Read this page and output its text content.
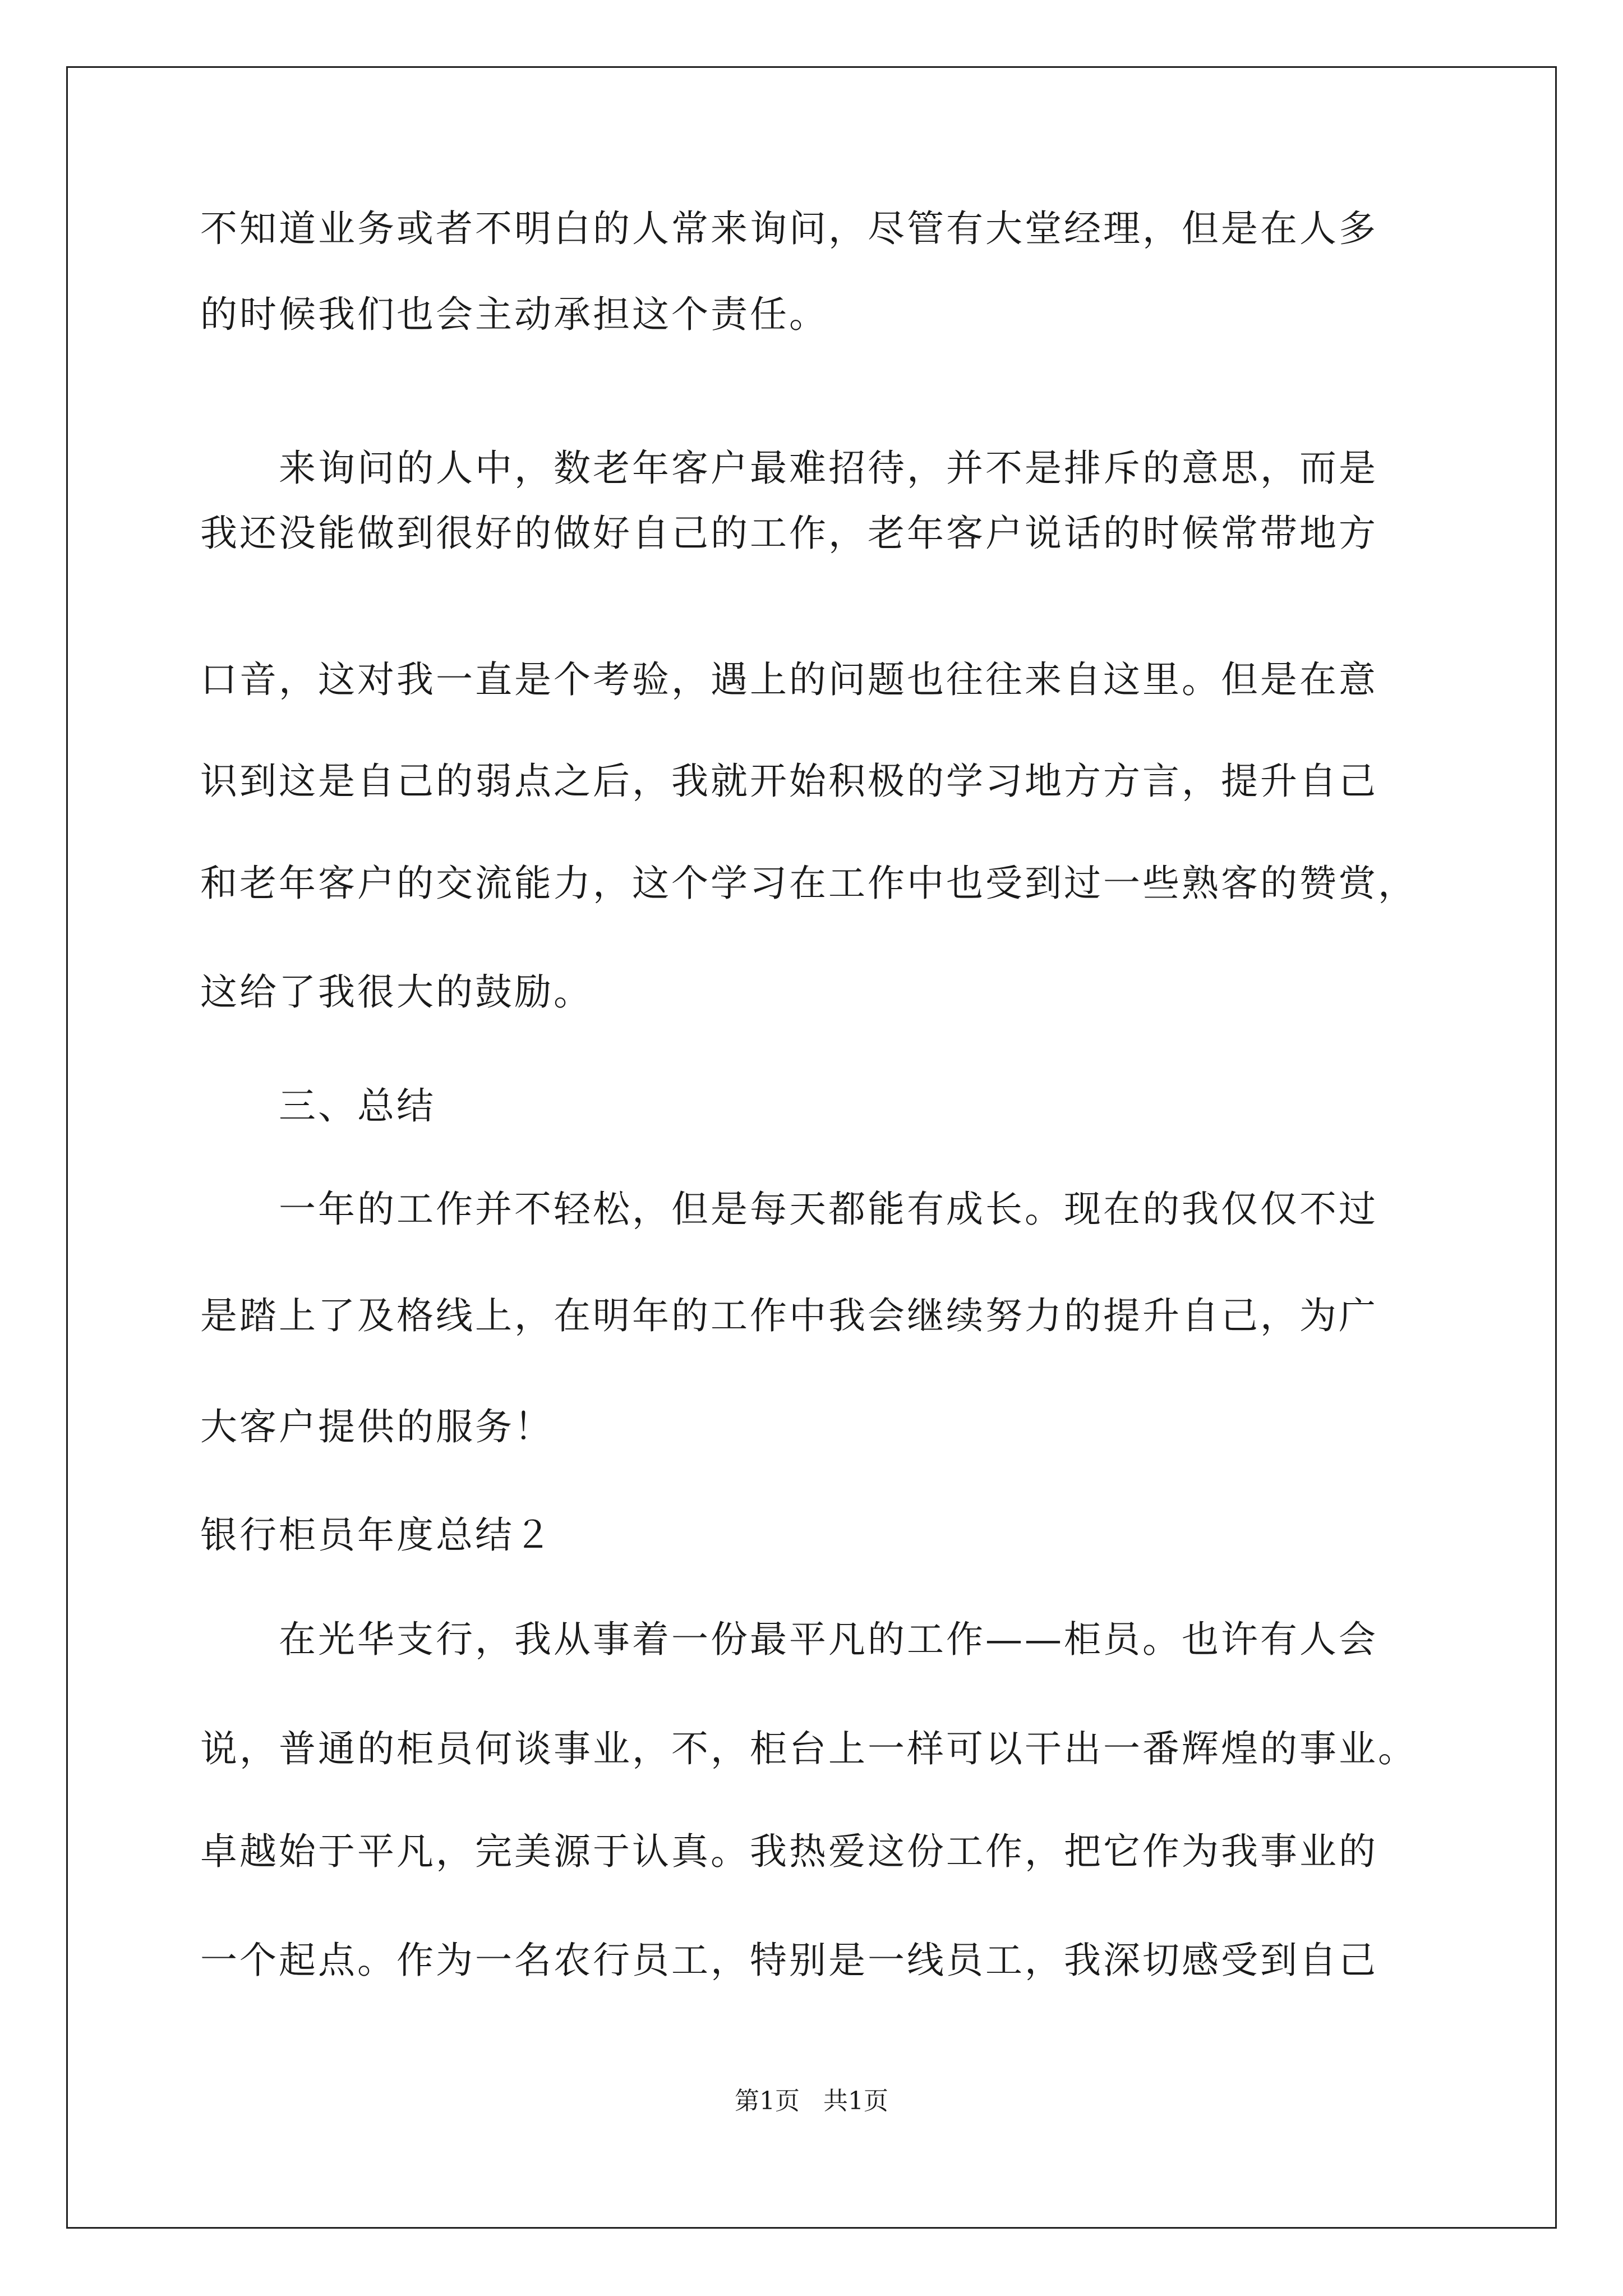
不知道业务或者不明白的人常来询问，尽管有大堂经理，但是在人多
的时候我们也会主动承担这个责任。
来询问的人中，数老年客户最难招待，并不是排斥的意思，而是
我还没能做到很好的做好自己的工作，老年客户说话的时候常带地方
口音，这对我一直是个考验，遇上的问题也往往来自这里。但是在意
识到这是自己的弱点之后，我就开始积极的学习地方方言，提升自己
和老年客户的交流能力，这个学习在工作中也受到过一些熟客的赞赏，
这给了我很大的鼓励。
三、总结
一年的工作并不轻松，但是每天都能有成长。现在的我仅仅不过
是踏上了及格线上，在明年的工作中我会继续努力的提升自己，为广
大客户提供的服务！
银行柜员年度总结２
在光华支行，我从事着一份最平凡的工作——柜员。也许有人会
说，普通的柜员何谈事业，不，柜台上一样可以干出一番辉煌的事业。
卓越始于平凡，完美源于认真。我热爱这份工作，把它作为我事业的
一个起点。作为一名农行员工，特别是一线员工，我深切感受到自己
第1页   共1页
